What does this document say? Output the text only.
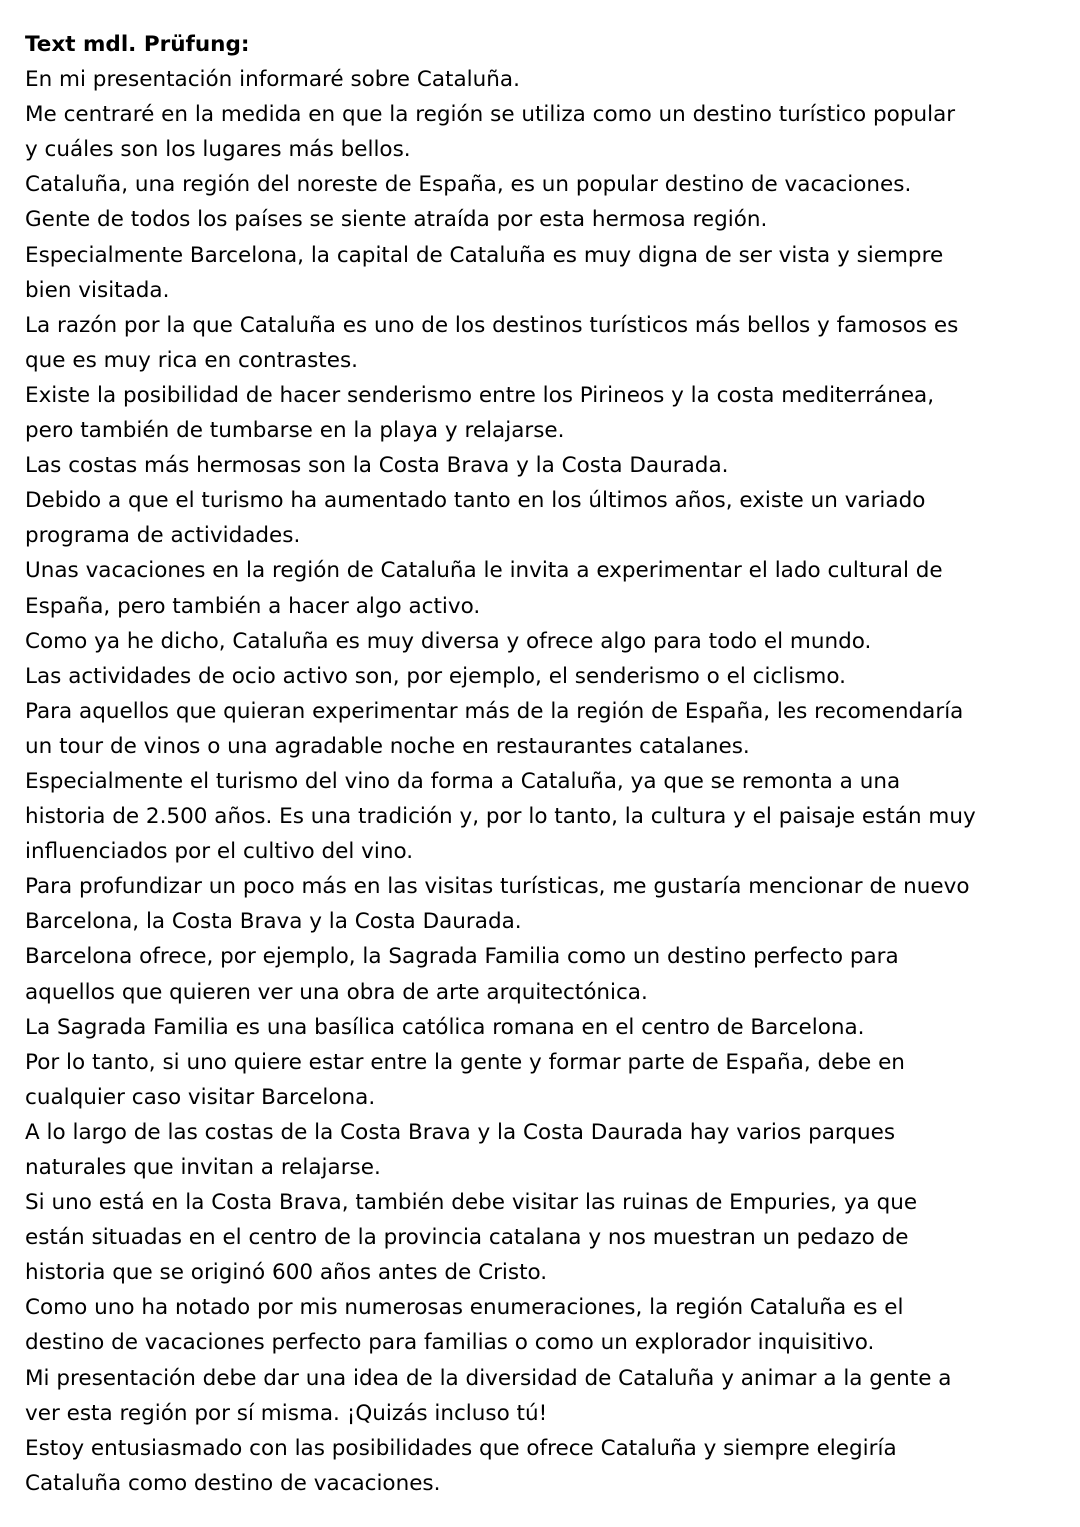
Text mdl. Prüfung:

En mi presentación informaré sobre Cataluña.

Me centraré en la medida en que la región se utiliza como un destino turístico popular
y cuáles son los lugares más bellos.

Cataluña, una región del noreste de España, es un popular destino de vacaciones.

Gente de todos los países se siente atraída por esta hermosa región.

Especialmente Barcelona, la capital de Cataluña es muy digna de ser vista y siempre
bien visitada.

La razón por la que Cataluña es uno de los destinos turísticos más bellos y famosos es
que es muy rica en contrastes.

Existe la posibilidad de hacer senderismo entre los Pirineos y la costa mediterránea,
pero también de tumbarse en la playa y relajarse.

Las costas más hermosas son la Costa Brava y la Costa Daurada.

Debido a que el turismo ha aumentado tanto en los últimos años, existe un variado
programa de actividades.

Unas vacaciones en la región de Cataluña le invita a experimentar el lado cultural de
España, pero también a hacer algo activo.

Como ya he dicho, Cataluña es muy diversa y ofrece algo para todo el mundo.

Las actividades de ocio activo son, por ejemplo, el senderismo o el ciclismo.

Para aquellos que quieran experimentar más de la región de España, les recomendaría
un tour de vinos o una agradable noche en restaurantes catalanes.

Especialmente el turismo del vino da forma a Cataluña, ya que se remonta a una
historia de 2.500 años. Es una tradición y, por lo tanto, la cultura y el paisaje están muy
influenciados por el cultivo del vino.

Para profundizar un poco más en las visitas turísticas, me gustaría mencionar de nuevo
Barcelona, la Costa Brava y la Costa Daurada.

Barcelona ofrece, por ejemplo, la Sagrada Familia como un destino perfecto para
aquellos que quieren ver una obra de arte arquitectónica.

La Sagrada Familia es una basílica católica romana en el centro de Barcelona.

Por lo tanto, si uno quiere estar entre la gente y formar parte de España, debe en
cualquier caso visitar Barcelona.

A lo largo de las costas de la Costa Brava y la Costa Daurada hay varios parques
naturales que invitan a relajarse.

Si uno está en la Costa Brava, también debe visitar las ruinas de Empuries, ya que
están situadas en el centro de la provincia catalana y nos muestran un pedazo de
historia que se originó 600 años antes de Cristo.

Como uno ha notado por mis numerosas enumeraciones, la región Cataluña es el
destino de vacaciones perfecto para familias o como un explorador inquisitivo.

Mi presentación debe dar una idea de la diversidad de Cataluña y animar a la gente a
ver esta región por sí misma. ¡Quizás incluso tú!

Estoy entusiasmado con las posibilidades que ofrece Cataluña y siempre elegiría
Cataluña como destino de vacaciones.
